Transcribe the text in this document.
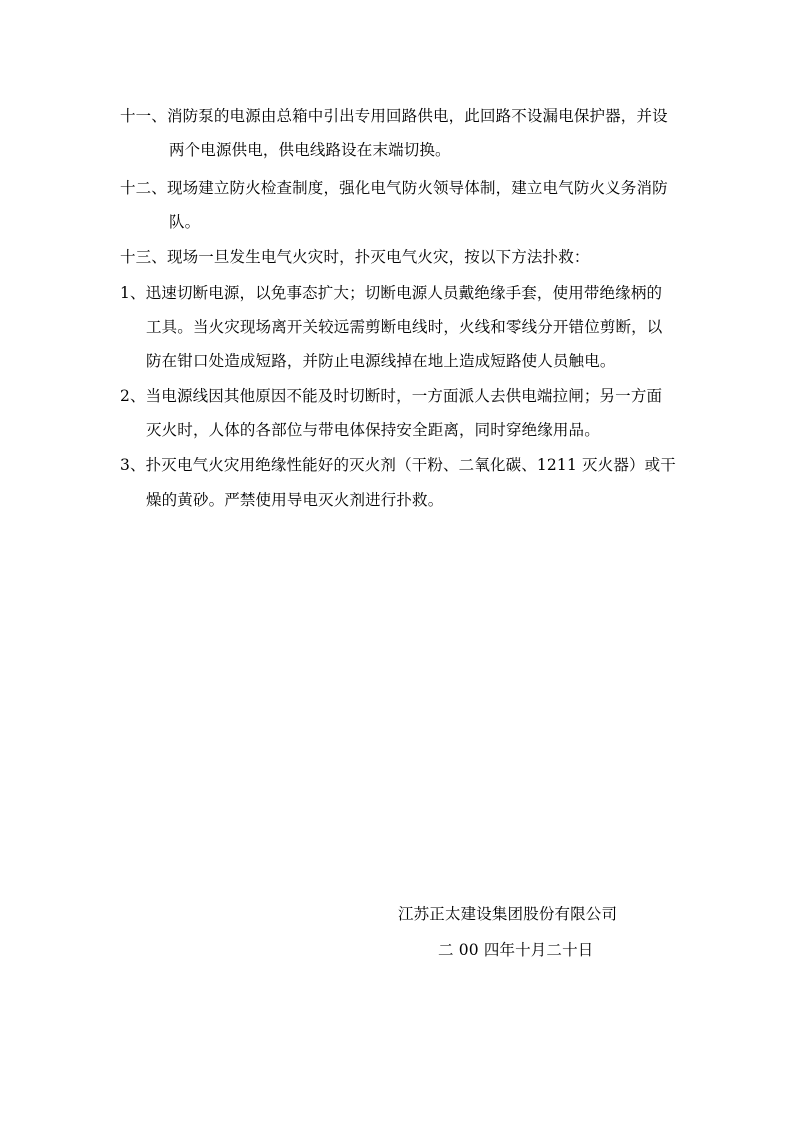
十一、消防泵的电源由总箱中引出专用回路供电，此回路不设漏电保护器，并设
两个电源供电，供电线路设在末端切换。
十二、现场建立防火检查制度，强化电气防火领导体制，建立电气防火义务消防
队。
十三、现场一旦发生电气火灾时，扑灭电气火灾，按以下方法扑救：
1、迅速切断电源，以免事态扩大；切断电源人员戴绝缘手套，使用带绝缘柄的
工具。当火灾现场离开关较远需剪断电线时，火线和零线分开错位剪断，以
防在钳口处造成短路，并防止电源线掉在地上造成短路使人员触电。
2、当电源线因其他原因不能及时切断时，一方面派人去供电端拉闸；另一方面
灭火时，人体的各部位与带电体保持安全距离，同时穿绝缘用品。
3、扑灭电气火灾用绝缘性能好的灭火剂（干粉、二氧化碳、1211 灭火器）或干
燥的黄砂。严禁使用导电灭火剂进行扑救。
江苏正太建设集团股份有限公司
二 00 四年十月二十日
